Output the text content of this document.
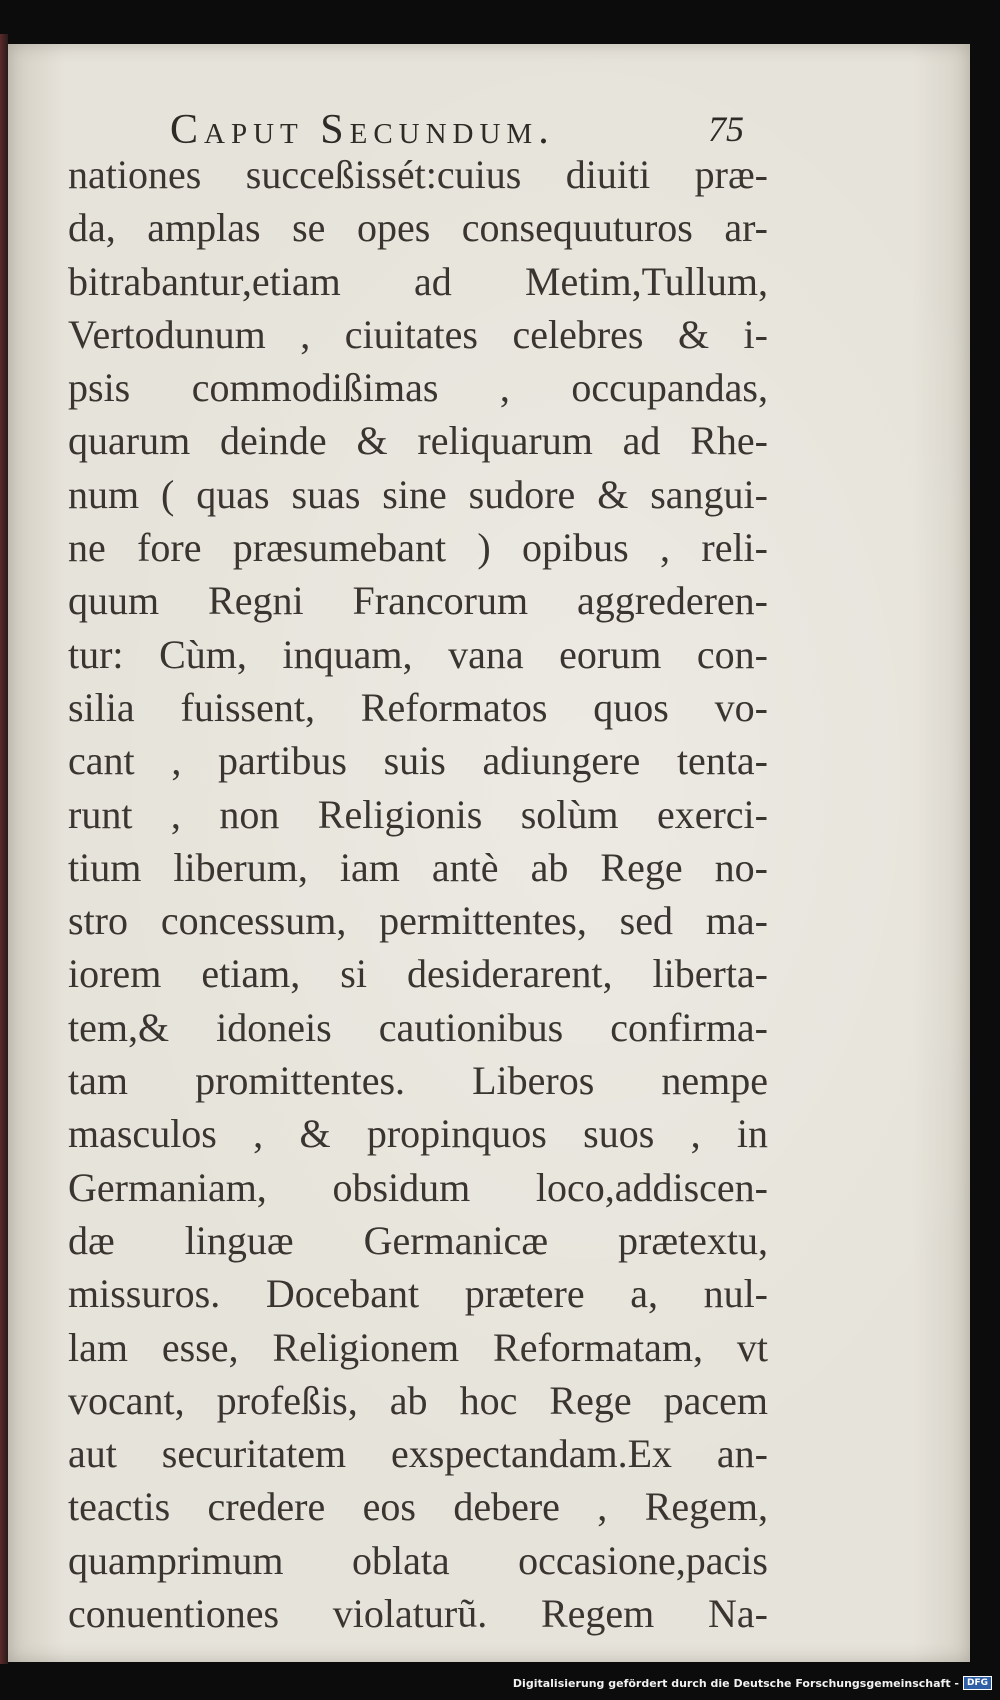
Caput Secundum.	75
nationes succeßissét:cuius diuiti præ-
da, amplas se opes consequuturos ar-
bitrabantur,etiam ad Metim,Tullum,
Vertodunum , ciuitates celebres & i-
psis commodißimas , occupandas,
quarum deinde & reliquarum ad Rhe-
num ( quas suas sine sudore & sangui-
ne fore præsumebant ) opibus , reli-
quum Regni Francorum aggrederen-
tur: Cùm, inquam, vana eorum con-
silia fuissent, Reformatos quos vo-
cant , partibus suis adiungere tenta-
runt , non Religionis solùm exerci-
tium liberum, iam antè ab Rege no-
stro concessum, permittentes, sed ma-
iorem etiam, si desiderarent, liberta-
tem,& idoneis cautionibus confirma-
tam promittentes. Liberos nempe
masculos , & propinquos suos , in
Germaniam, obsidum loco,addiscen-
dæ linguæ Germanicæ prætextu,
missuros. Docebant prætere a, nul-
lam esse, Religionem Reformatam, vt
vocant, profeßis, ab hoc Rege pacem
aut securitatem exspectandam.Ex an-
teactis credere eos debere , Regem,
quamprimum oblata occasione,pacis
conuentiones violaturũ. Regem Na-
Digitalisierung gefördert durch die Deutsche Forschungsgemeinschaft - DFG
